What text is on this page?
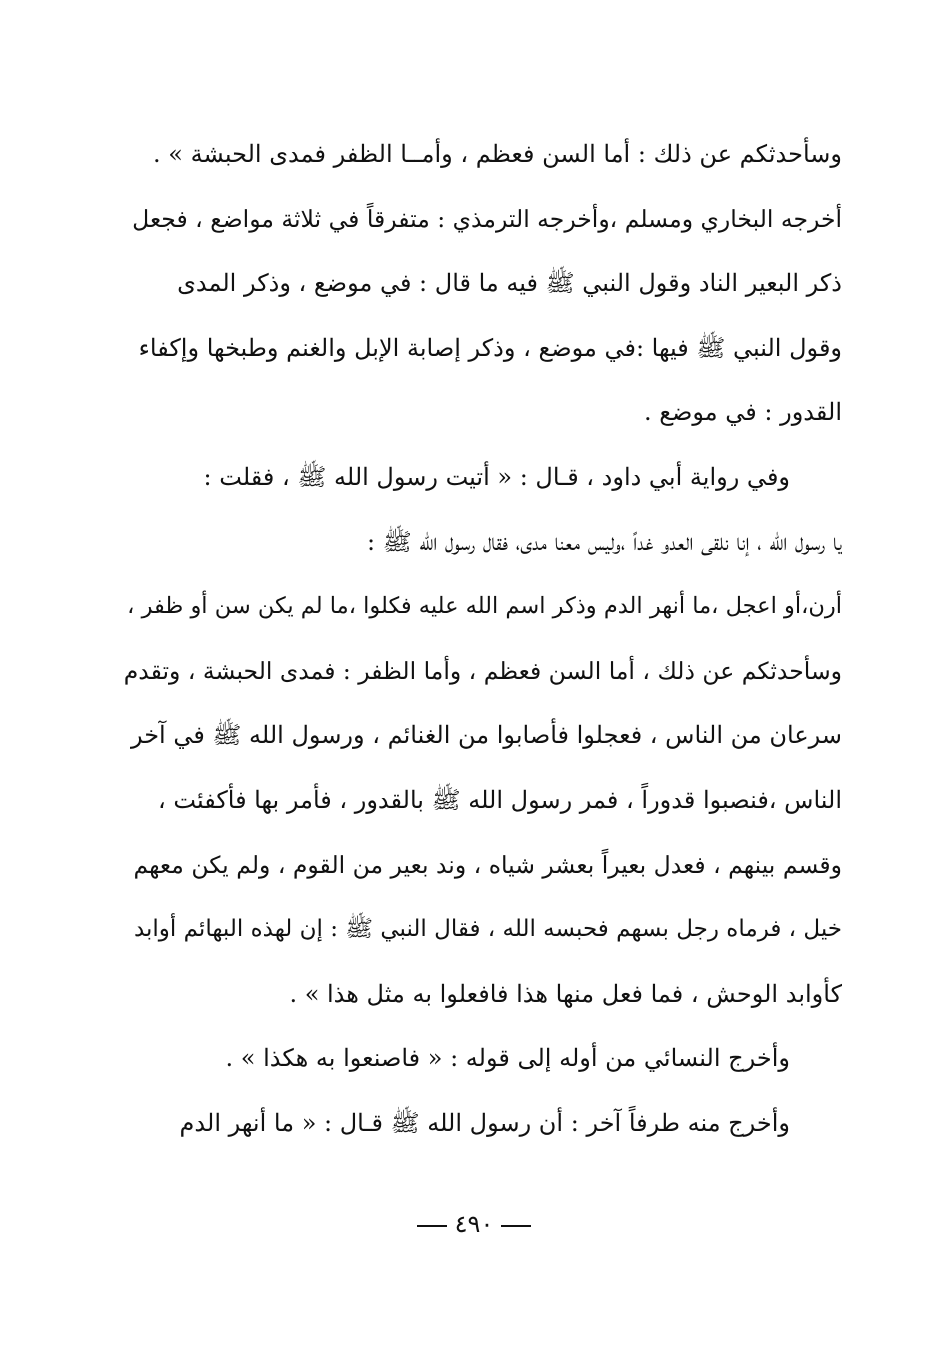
وسأحدثكم عن ذلك : أما السن فعظم ، وأمــا الظفر فمدى الحبشة » .
أخرجه البخاري ومسلم ،وأخرجه الترمذي : متفرقاً في ثلاثة مواضع ، فجعل
ذكر البعير الناد وقول النبي ﷺ فيه ما قال : في موضع ، وذكر المدى
وقول النبي ﷺ فيها :في موضع ، وذكر إصابة الإبل والغنم وطبخها وإكفاء
القدور : في موضع .
وفي رواية أبي داود ، قـال : « أتيت رسول الله ﷺ ، فقلت :
يا رسول الله ، إنا نلقى العدو غداً ،وليس معنا مدى، فقال رسول الله ﷺ :
أرن،أو اعجل ،ما أنهر الدم وذكر اسم الله عليه فكلوا ،ما لم يكن سن أو ظفر ،
وسأحدثكم عن ذلك ، أما السن فعظم ، وأما الظفر : فمدى الحبشة ، وتقدم
سرعان من الناس ، فعجلوا فأصابوا من الغنائم ، ورسول الله ﷺ في آخر
الناس ،فنصبوا قدوراً ، فمر رسول الله ﷺ بالقدور ، فأمر بها فأكفئت ،
وقسم بينهم ، فعدل بعيراً بعشر شياه ، وند بعير من القوم ، ولم يكن معهم
خيل ، فرماه رجل بسهم فحبسه الله ، فقال النبي ﷺ : إن لهذه البهائم أوابد
كأوابد الوحش ، فما فعل منها هذا فافعلوا به مثل هذا » .
وأخرج النسائي من أوله إلى قوله : « فاصنعوا به هكذا » .
وأخرج منه طرفاً آخر : أن رسول الله ﷺ قـال : « ما أنهر الدم
٤٩٠
